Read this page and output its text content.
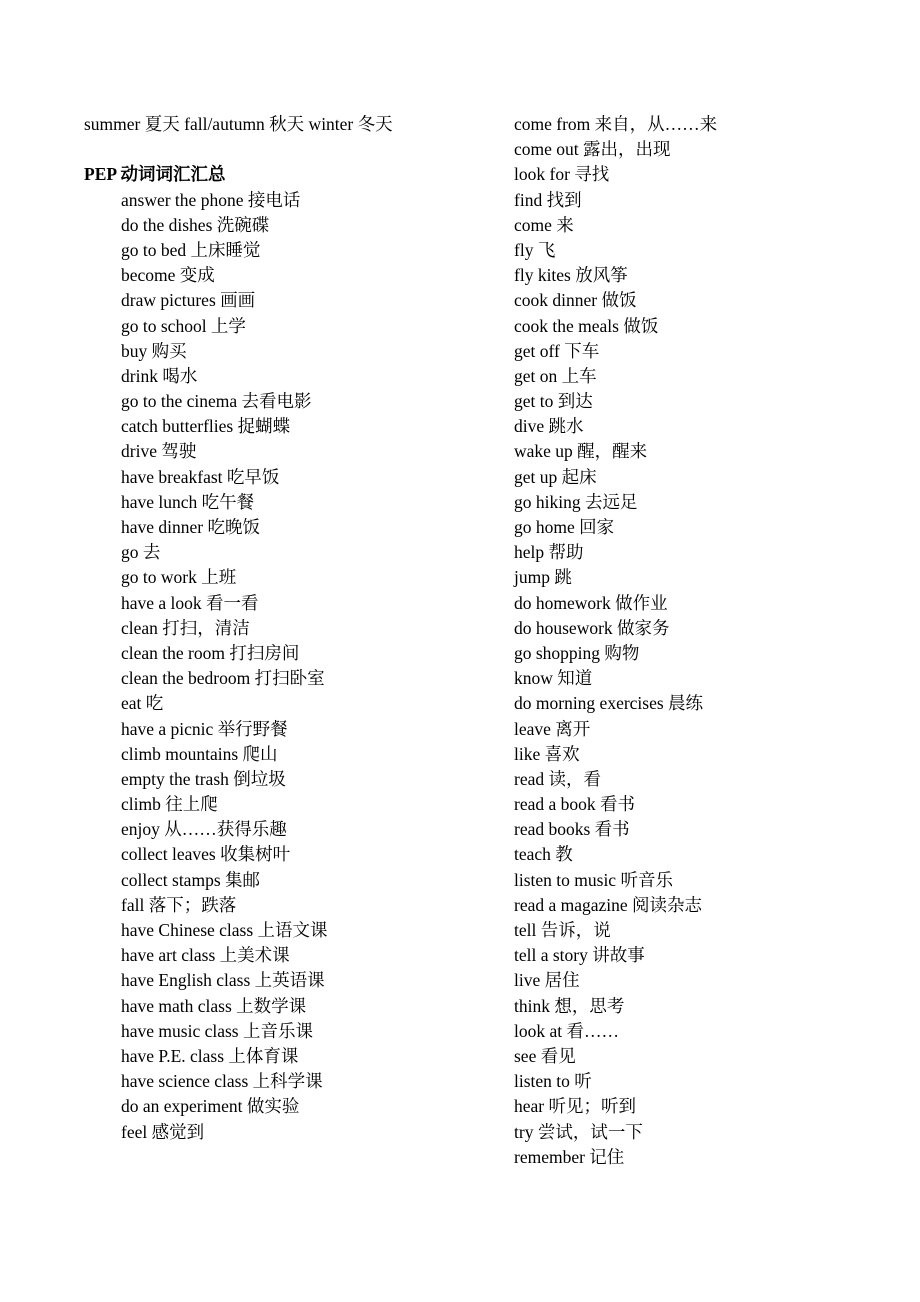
summer 夏天 fall/autumn 秋天 winter 冬天
PEP 动词词汇汇总
answer the phone 接电话
do the dishes 洗碗碟
go to bed 上床睡觉
become 变成
draw pictures 画画
go to school 上学
buy 购买
drink 喝水
go to the cinema 去看电影
catch butterflies 捉蝴蝶
drive 驾驶
have breakfast 吃早饭
have lunch 吃午餐
have dinner 吃晚饭
go 去
go to work 上班
have a look 看一看
clean 打扫，清洁
clean the room 打扫房间
clean the bedroom 打扫卧室
eat 吃
have a picnic 举行野餐
climb mountains 爬山
empty the trash 倒垃圾
climb 往上爬
enjoy 从……获得乐趣
collect leaves 收集树叶
collect stamps 集邮
fall 落下；跌落
have Chinese class 上语文课
have art class 上美术课
have English class 上英语课
have math class 上数学课
have music class 上音乐课
have P.E. class 上体育课
have science class 上科学课
do an experiment 做实验
feel 感觉到
come from 来自，从……来
come out 露出，出现
look for 寻找
find 找到
come 来
fly 飞
fly kites 放风筝
cook dinner 做饭
cook the meals 做饭
get off 下车
get on 上车
get to 到达
dive 跳水
wake up 醒，醒来
get up 起床
go hiking 去远足
go home 回家
help 帮助
jump 跳
do homework 做作业
do housework 做家务
go shopping 购物
know 知道
do morning exercises 晨练
leave 离开
like 喜欢
read 读，看
read a book 看书
read books 看书
teach 教
listen to music 听音乐
read a magazine 阅读杂志
tell 告诉，说
tell a story 讲故事
live 居住
think 想，思考
look at 看……
see 看见
listen to 听
hear 听见；听到
try 尝试，试一下
remember 记住
